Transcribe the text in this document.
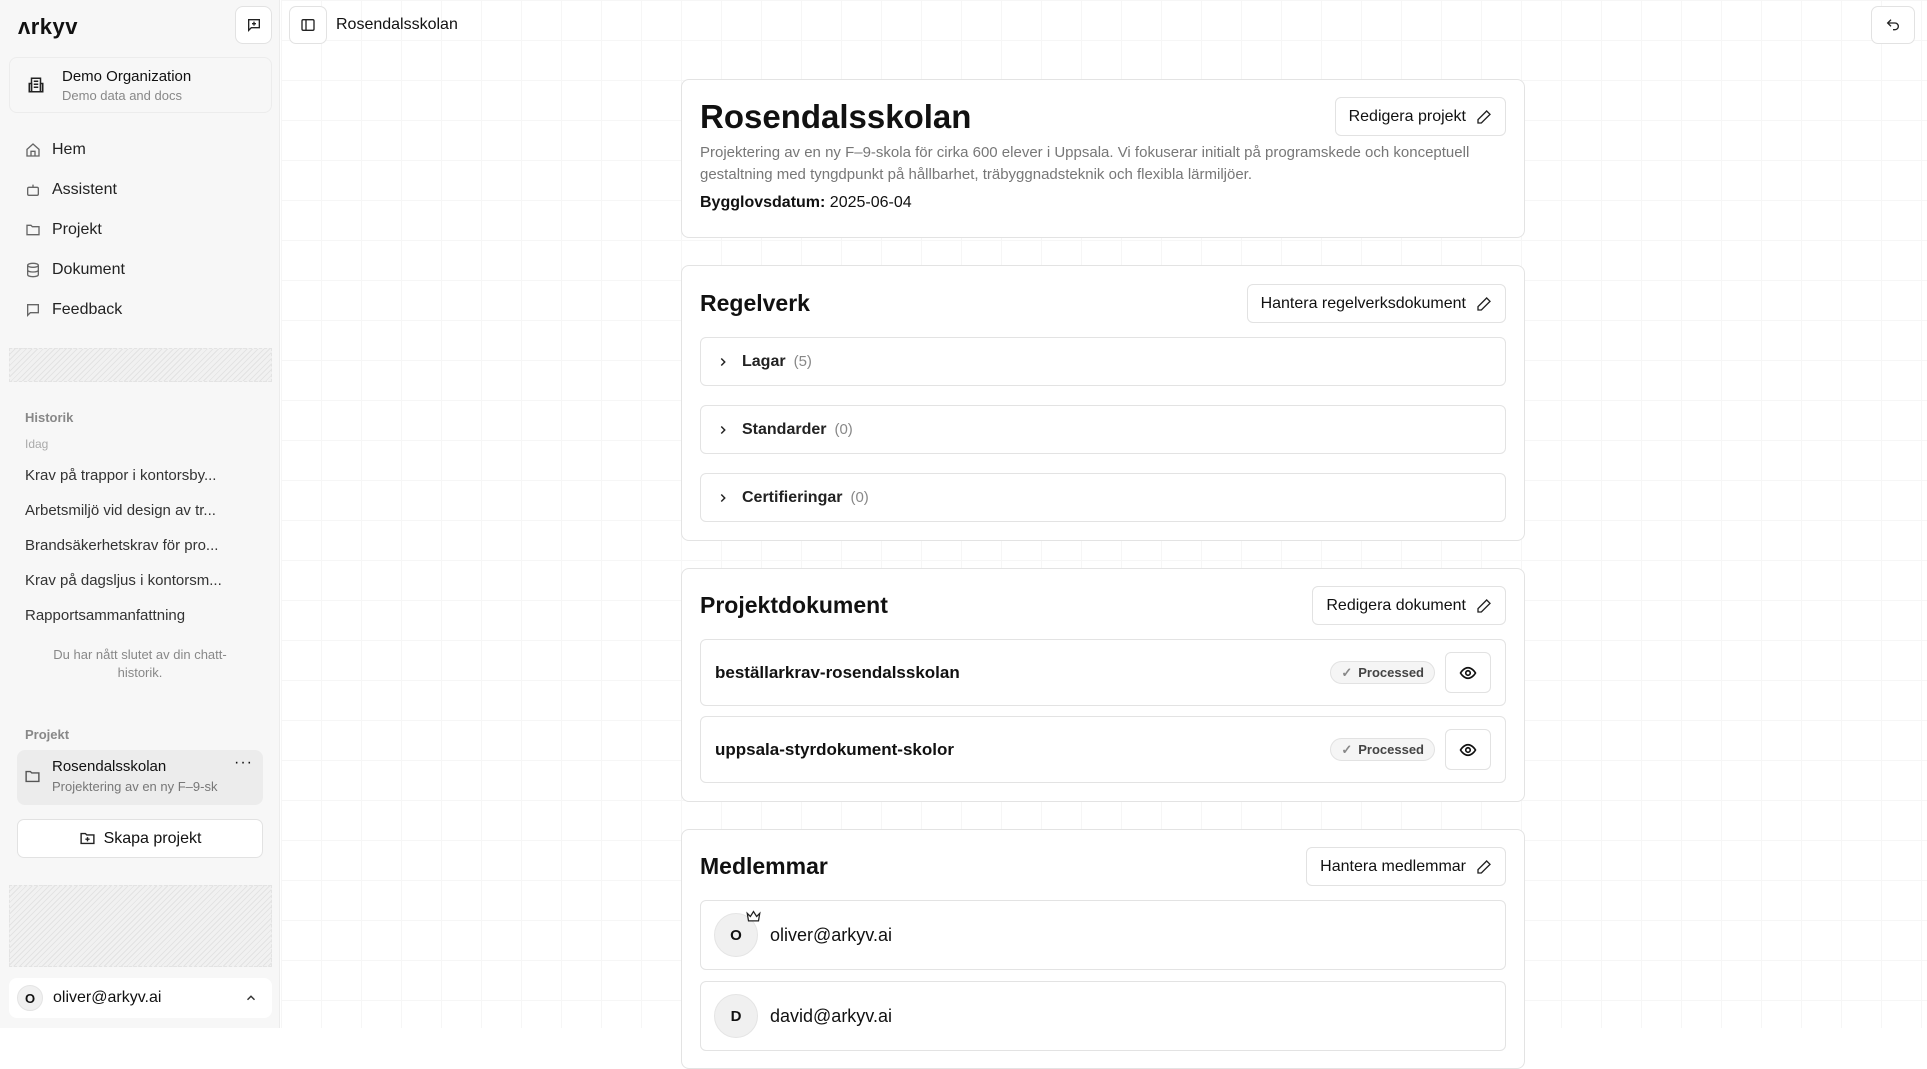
ʌrkyv
Demo Organization
Demo data and docs
Hem
Assistent
Projekt
Dokument
Feedback
Historik
Idag
Krav på trappor i kontorsby...
Arbetsmiljö vid design av tr...
Brandsäkerhetskrav för pro...
Krav på dagsljus i kontorsm...
Rapportsammanfattning
Du har nått slutet av din chatt-historik.
Projekt
Rosendalsskolan
Projektering av en ny F–9-sk
···
Skapa projekt
O	oliver@arkyv.ai
Rosendalsskolan
Rosendalsskolan	Redigera projekt
Projektering av en ny F–9-skola för cirka 600 elever i Uppsala. Vi fokuserar initialt på programskede och konceptuell gestaltning med tyngdpunkt på hållbarhet, träbyggnadsteknik och flexibla lärmiljöer.
Bygglovsdatum: 2025-06-04
Regelverk	Hantera regelverksdokument
Lagar (5)
Standarder (0)
Certifieringar (0)
Projektdokument	Redigera dokument
beställarkrav-rosendalsskolan	✓ Processed
uppsala-styrdokument-skolor	✓ Processed
Medlemmar	Hantera medlemmar
O oliver@arkyv.ai
D	david@arkyv.ai
